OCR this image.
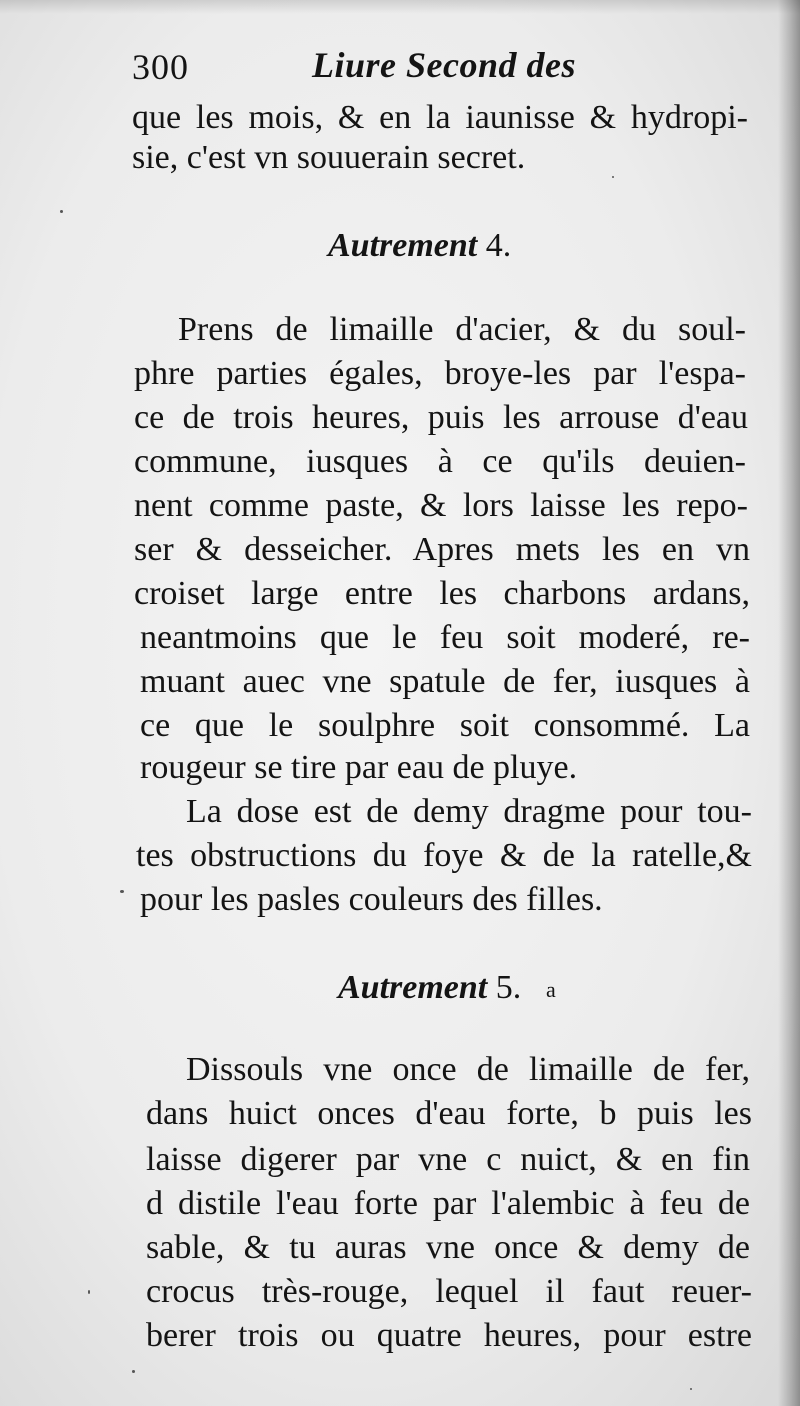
300	Liure Second des
que les mois, & en la iaunisse & hydropi-
sie, c'est vn souuerain secret.
Autrement 4.
Prens de limaille d'acier, & du soul-
phre parties égales, broye-les par l'espa-
ce de trois heures, puis les arrouse d'eau
commune, iusques à ce qu'ils deuien-
nent comme paste, & lors laisse les repo-
ser & desseicher. Apres mets les en vn
croiset large entre les charbons ardans,
neantmoins que le feu soit moderé, re-
muant auec vne spatule de fer, iusques à
ce que le soulphre soit consommé. La
rougeur se tire par eau de pluye.
La dose est de demy dragme pour tou-
tes obstructions du foye & de la ratelle,&
pour les pasles couleurs des filles.
Autrement 5. a
Dissouls vne once de limaille de fer,
dans huict onces d'eau forte, b puis les
laisse digerer par vne c nuict, & en fin
d distile l'eau forte par l'alembic à feu de
sable, & tu auras vne once & demy de
crocus très-rouge, lequel il faut reuer-
berer trois ou quatre heures, pour estre
